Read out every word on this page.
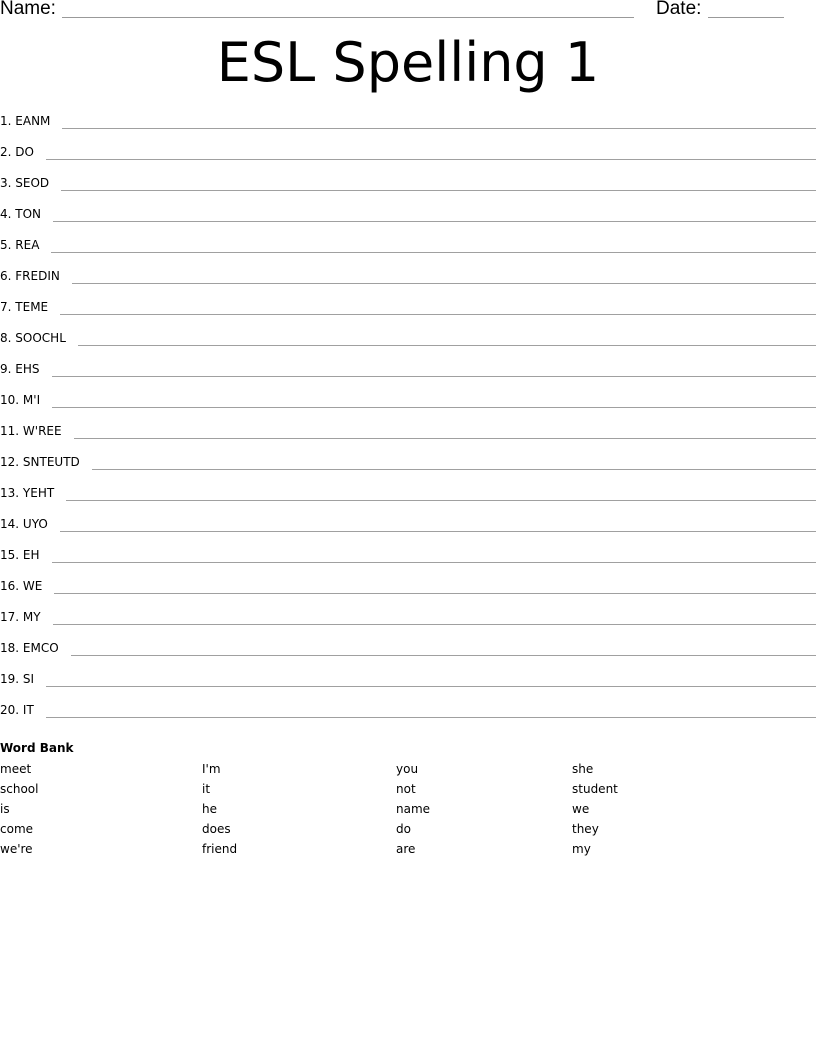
Name:	Date:
ESL Spelling 1
1. EANM
2. DO
3. SEOD
4. TON
5. REA
6. FREDIN
7. TEME
8. SOOCHL
9. EHS
10. M'I
11. W'REE
12. SNTEUTD
13. YEHT
14. UYO
15. EH
16. WE
17. MY
18. EMCO
19. SI
20. IT

Word Bank

meet
school
is
come
we're
I'm
it
he
does
friend
you
not
name
do
are
she
student
we
they
my
